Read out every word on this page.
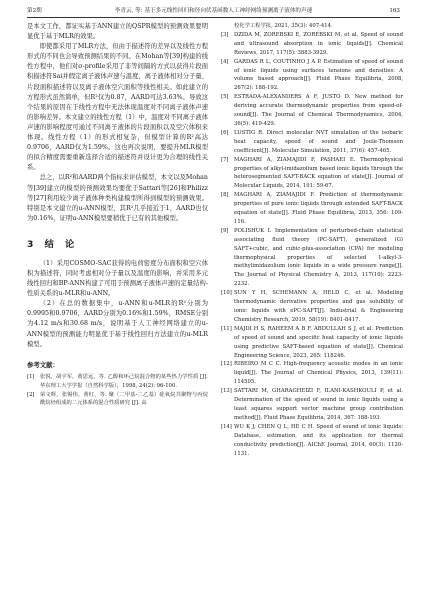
第2期	李青云, 等: 基于多元线性回归和径向伏基函数人工神经网络预测离子液体的声速	163

是本文工作，都证实基于ANN建立的QSPR模型的预测效果要明显优于基于MLR的效果。

即使都采用了MLR方法，但由于描述符的差异以及线性方程形式的不同也会导致预测结果的不同。在Mohan等[39]构建的线性方程中，他们对σ-profile采用了非等间隔的方式以获得片段面积描述符Sai并假定离子液体声速与温度、离子液体相对分子量、片段面积描述符以及离子液体空穴面积等线性相关。如此建立的方程形式虽然简单，但R²仅为0.87，AARD可达3.63%。导致这个结果的原因在于线性方程中无法体现温度对不同离子液体声速的影响差异。本文建立的线性方程（1）中，温度对不同离子液体声速的影响程度可通过不同离子液体的片段面积以及空穴体积来体现。线性方程（1）的形式相复杂，但模型计算的R²高达0.9706，AARD仅为1.59%。这也再次说明，要提升MLR模型的拟合精度需要重新选择合适的描述符并设计更为合理的线性关系。

总之，以R²和AARD两个指标来评估模型，本文以及Mohan等[39]建立的模型的预测效果均要优于Sattari等[26]和Philizz等[27]利用较少离子液体种类构建模型所得到模型的预测效果。特别是本文建立的u-ANN模型，其R²几乎接近于1，AARD也仅为0.16%，证明u-ANN模型要稍优于已有的其他模型。

3　结　论

（1）采用COSMO-SAC获得的电荷密度分布面积和空穴体积为描述符，同时考虑相对分子量以及温度的影响，并采用多元线性回归和BP-ANN构建了可用于预测离子液体声速的定量结构-性质关系的u-MLR和u-ANN。

（2）在总的数据集中，u-ANN和u-MLR的R²分别为0.9995和0.9706，AARD分别为0.16%和1.59%，RMSE分别为4.12 m/s和30.68 m/s，说明基于人工神经网络建立的u-ANN模型的预测能力明显优于基于线性回归方法建立的u-MLR模型。

参考文献：
[1]	张锐，胡宇军，黄思远，等. 乙醇和环己烷混合物的某些热力学性质 [J]. 华东理工大学学报（自然科学版），1998, 24(2): 96-100.
[2]	荣文辉，张锡伟，黄红，等. 聚（二甲基-二乙基）硅氧烷共聚物与丙烷酰烷烃组成的二元体系的混合性质研究 [J]. 高
校化学工程学报, 2021, 35(3): 407-414.
[3]	DZIDA M, ZOREBSKI E, ZOREBSKI M, et al. Speed of sound and ultrasound absorption in ionic liquids[J]. Chemical Reviews, 2017, 117(5): 3883-3929.
[4]	GARDAS R L, COUTINHO J A P. Estimation of speed of sound of ionic liquids using surfaces tensions and densities: A volume based approach[J]. Fluid Phase Equilibria, 2008, 267(2): 188-192.
[5]	ESTRADA-ALEXANDERS A F, JUSTO D. New method for deriving accurate thermodynamic properties from speed-of-sound[J]. The Journal of Chemical Thermodynamics, 2004, 36(5): 419-429.
[6]	LUSTIG R. Direct molecular NVT simulation of the isobaric heat capacity, speed of sound and Joule-Thomson coefficient[J]. Molecular Simulation, 2011, 37(6): 457-465.
[7]	MAGHARI A, ZIAMAJIDI F, PASHAEI E. Thermophysical properties of alkyl-imidazolium based ionic liquids through the heterosegmented SAFT-BACK equation of state[J]. Journal of Molecular Liquids, 2014, 191: 59-67.
[8]	MAGHARI A, ZIAMAJIDI F. Prediction of thermodynamic properties of pure ionic liquids through extended SAFT-BACK equation of state[J]. Fluid Phase Equilibria, 2013, 356: 109-116.
[9]	POLISHUK I. Implementation of perturbed-chain statistical associating fluid theory (PC-SAFT), generalized (G) SAFT+cubic, and cubic-plus-association (CPA) for modeling thermophysical properties of selected 1-alkyl-3-methylimidazolium ionic liquids in a wide pressure range[J]. The Journal of Physical Chemistry A, 2013, 117(10): 2223-2232.
[10] SUN Y H, SCHEMANN A, HELD C, et al. Modeling thermodynamic derivative properties and gas solubility of ionic liquids with ePC-SAFT[J]. Industrial & Engineering Chemistry Research, 2019, 58(19): 8401-8417.
[11] MAJDI H S, RAHEEM A B F, ABDULLAH S J, et al. Prediction of speed of sound and specific heat capacity of ionic liquids using predictive SAFT-based equation of state[J]. Chemical Engineering Science, 2023, 265: 118246.
[12] RIBEIRO M C C. High-frequency acoustic modes in an ionic liquid[J]. The Journal of Chemical Physics, 2013, 139(11): 114505.
[13] SATTARI M, GHARAGHEIZI F, ILANI-KASHKOULI P, et al. Determination of the speed of sound in ionic liquids using a least squares support vector machine group contribution method[J]. Fluid Phase Equilibria, 2014, 367: 188-193.
[14] WU K J, CHEN Q L, HE C H. Speed of sound of ionic liquids: Database, estimation, and its application for thermal conductivity prediction[J]. AIChE Journal, 2014, 60(3): 1120-1131.
